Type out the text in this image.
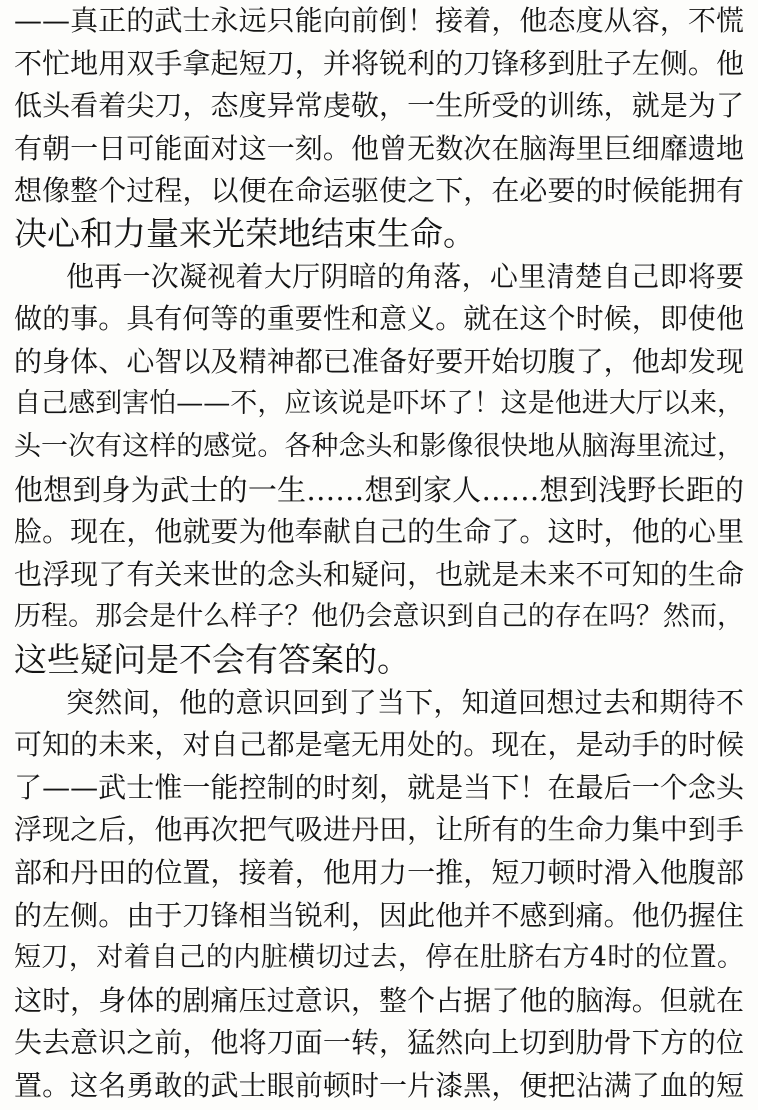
——真正的武士永远只能向前倒！接着，他态度从容，不慌
不忙地用双手拿起短刀，并将锐利的刀锋移到肚子左侧。他
低头看着尖刀，态度异常虔敬，一生所受的训练，就是为了
有朝一日可能面对这一刻。他曾无数次在脑海里巨细靡遗地
想像整个过程，以便在命运驱使之下，在必要的时候能拥有
决心和力量来光荣地结束生命。
他再一次凝视着大厅阴暗的角落，心里清楚自己即将要
做的事。具有何等的重要性和意义。就在这个时候，即使他
的身体、心智以及精神都已准备好要开始切腹了，他却发现
自己感到害怕——不，应该说是吓坏了！这是他进大厅以来，
头一次有这样的感觉。各种念头和影像很快地从脑海里流过，
他想到身为武士的一生……想到家人……想到浅野长距的
脸。现在，他就要为他奉献自己的生命了。这时，他的心里
也浮现了有关来世的念头和疑问，也就是未来不可知的生命
历程。那会是什么样子？他仍会意识到自己的存在吗？然而，
这些疑问是不会有答案的。
突然间，他的意识回到了当下，知道回想过去和期待不
可知的未来，对自己都是毫无用处的。现在，是动手的时候
了——武士惟一能控制的时刻，就是当下！在最后一个念头
浮现之后，他再次把气吸进丹田，让所有的生命力集中到手
部和丹田的位置，接着，他用力一推，短刀顿时滑入他腹部
的左侧。由于刀锋相当锐利，因此他并不感到痛。他仍握住
短刀，对着自己的内脏横切过去，停在肚脐右方4时的位置。
这时，身体的剧痛压过意识，整个占据了他的脑海。但就在
失去意识之前，他将刀面一转，猛然向上切到肋骨下方的位
置。这名勇敢的武士眼前顿时一片漆黑，便把沾满了血的短
